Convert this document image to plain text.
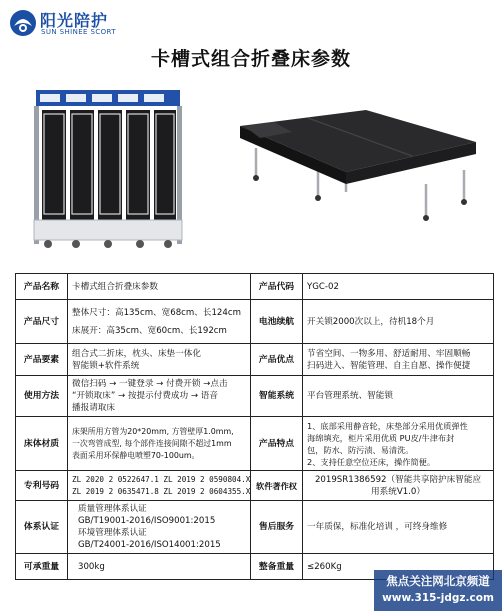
阳光陪护
SUN SHINEE SCORT
卡槽式组合折叠床参数
产品名称	卡槽式组合折叠床参数	产品代码	YGC-02

产品尺寸	整体尺寸：高135cm、宽68cm、长124cm
床展开：高35cm、宽60cm、长192cm	电池续航	开关锁2000次以上，待机18个月

产品要素	组合式二折床，枕头、床垫一体化
智能锁+软件系统	产品优点	节省空间、一物多用、舒适耐用、牢固顺畅
扫码进入、智能管理、自主自愿、操作便捷

使用方法	微信扫码 → 一键登录 → 付费开锁 →点击
“开锁取床” → 按提示付费成功 → 语音
播报请取床	智能系统	平台管理系统、智能锁

床体材质	床架所用方管为20*20mm, 方管壁厚1.0mm,
一次弯管成型, 每个部件连接间隙不超过1mm
表面采用环保静电喷塑70-100um。	产品特点	1、底部采用静音轮，床垫部分采用优质弹性
海绵填充，柜片采用优质 PU皮/牛津布封
包，防水、防污渍、易清洗。
2、支持任意空位还床，操作简便。

专利号码	ZL 2020 2 0522647.1 ZL 2019 2 0590804.X
ZL 2019 2 0635471.8 ZL 2019 2 0604355.X	软件著作权	2019SR1386592（智能共享陪护床智能应
用系统V1.0）

体系认证	质量管理体系认证
GB/T19001-2016/ISO9001:2015
环境管理体系认证
GB/T24001-2016/ISO14001:2015	售后服务	一年质保，标准化培训 ，可终身维修

可承重量	300kg	整备重量	≤260Kg
焦点关注网北京频道
www.315-jdgz.com
